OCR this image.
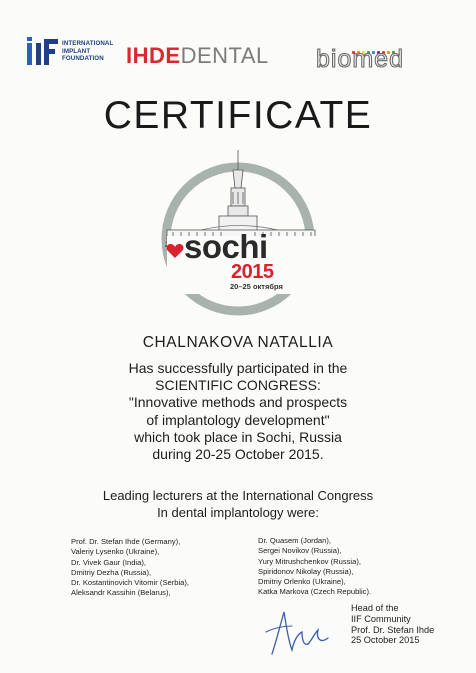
INTERNATIONAL
IMPLANT
FOUNDATION	IHDEDENTAL biomed
CERTIFICATE
sochi
2015
20–25 октября
CHALNAKOVA NATALLIA
Has successfully participated in the
SCIENTIFIC CONGRESS:
"Innovative methods and prospects
of implantology development"
which took place in Sochi, Russia
during 20-25 October 2015.
Leading lecturers at the International Congress
In dental implantology were:
Prof. Dr. Stefan Ihde (Germany),
Valeriy Lysenko (Ukraine),
Dr. Vivek Gaur (India),
Dmitriy Dezha (Russia),
Dr. Kostantinovich Vitomir (Serbia),
Aleksandr Kassihin (Belarus),
Dr. Quasem (Jordan),
Sergei Novikov (Russia),
Yury Mitrushchenkov (Russia),
Spiridonov Nikolay (Russia),
Dmitriy Orlenko (Ukraine),
Katka Markova (Czech Republic).
Head of the
IIF Community
Prof. Dr. Stefan Ihde
25 October 2015
